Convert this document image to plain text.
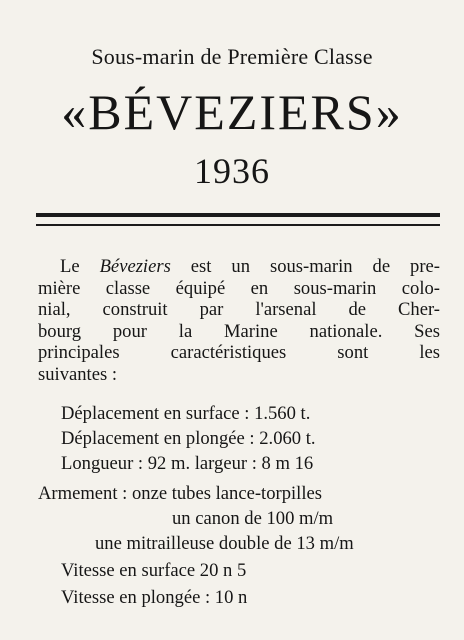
Sous-marin de Première Classe
«BÉVEZIERS»
1936
Le Béveziers est un sous-marin de pre-
mière classe équipé en sous-marin colo-
nial, construit par l'arsenal de Cher-
bourg pour la Marine nationale. Ses
principales caractéristiques sont les
suivantes :
Déplacement en surface : 1.560 t.
Déplacement en plongée : 2.060 t.
Longueur : 92 m. largeur : 8 m 16
Armement : onze tubes lance-torpilles
un canon de 100 m/m
une mitrailleuse double de 13 m/m
Vitesse en surface 20 n 5
Vitesse en plongée : 10 n
